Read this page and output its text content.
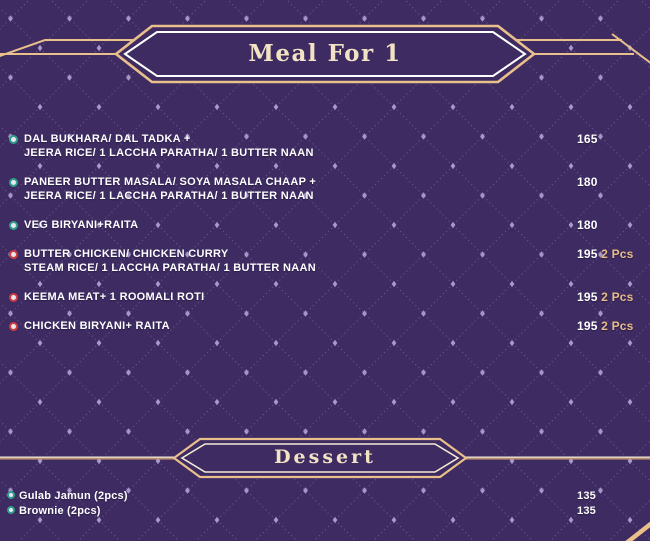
Meal For 1
Dessert
DAL BUKHARA/ DAL TADKA +
JEERA RICE/ 1 LACCHA PARATHA/ 1 BUTTER NAAN
165
PANEER BUTTER MASALA/ SOYA MASALA CHAAP +
JEERA RICE/ 1 LACCHA PARATHA/ 1 BUTTER NAAN
180
VEG BIRYANI+RAITA	180
BUTTER CHICKEN/ CHICKEN CURRY
STEAM RICE/ 1 LACCHA PARATHA/ 1 BUTTER NAAN
195 2 Pcs
KEEMA MEAT+ 1 ROOMALI ROTI	195 2 Pcs
CHICKEN BIRYANI+ RAITA	195 2 Pcs
Gulab Jamun (2pcs)	135
Brownie (2pcs)	135
